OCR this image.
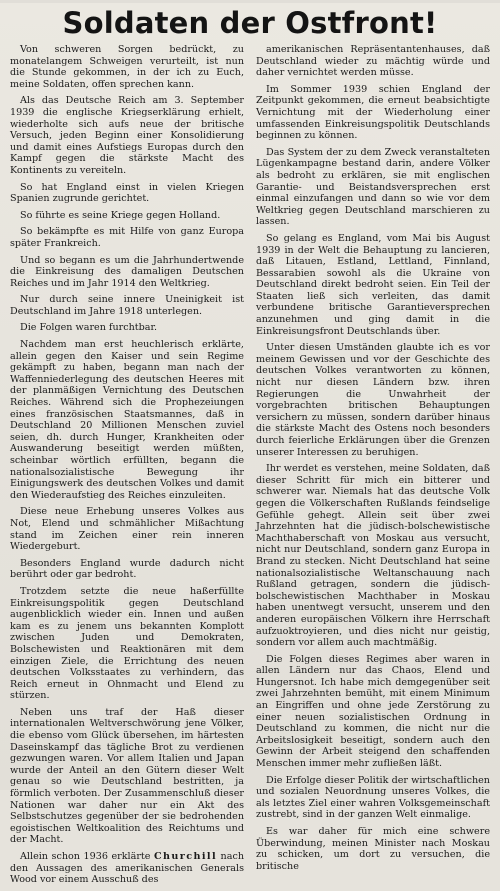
Soldaten der Ostfront!

Von schweren Sorgen bedrückt, zu monatelangem Schweigen verurteilt, ist nun die Stunde gekommen, in der ich zu Euch, meine Soldaten, offen sprechen kann.

Als das Deutsche Reich am 3. September 1939 die englische Kriegserklärung erhielt, wiederholte sich aufs neue der britische Versuch, jeden Beginn einer Konsolidierung und damit eines Aufstiegs Europas durch den Kampf gegen die stärkste Macht des Kontinents zu vereiteln.

So hat England einst in vielen Kriegen Spanien zugrunde gerichtet.

So führte es seine Kriege gegen Holland.

So bekämpfte es mit Hilfe von ganz Europa später Frankreich.

Und so begann es um die Jahrhundertwende die Einkreisung des damaligen Deutschen Reiches und im Jahr 1914 den Weltkrieg.

Nur durch seine innere Uneinigkeit ist Deutschland im Jahre 1918 unterlegen.

Die Folgen waren furchtbar.

Nachdem man erst heuchlerisch erklärte, allein gegen den Kaiser und sein Regime gekämpft zu haben, begann man nach der Waffenniederlegung des deutschen Heeres mit der planmäßigen Vernichtung des Deutschen Reiches. Während sich die Prophezeiungen eines französischen Staatsmannes, daß in Deutschland 20 Millionen Menschen zuviel seien, dh. durch Hunger, Krankheiten oder Auswanderung beseitigt werden müßten, scheinbar wörtlich erfüllten, begann die nationalsozialistische Bewegung ihr Einigungswerk des deutschen Volkes und damit den Wiederaufstieg des Reiches einzuleiten.

Diese neue Erhebung unseres Volkes aus Not, Elend und schmählicher Mißachtung stand im Zeichen einer rein inneren Wiedergeburt.

Besonders England wurde dadurch nicht berührt oder gar bedroht.

Trotzdem setzte die neue haßerfüllte Einkreisungspolitik gegen Deutschland augenblicklich wieder ein. Innen und außen kam es zu jenem uns bekannten Komplott zwischen Juden und Demokraten, Bolschewisten und Reaktionären mit dem einzigen Ziele, die Errichtung des neuen deutschen Volksstaates zu verhindern, das Reich erneut in Ohnmacht und Elend zu stürzen.

Neben uns traf der Haß dieser internationalen Weltverschwörung jene Völker, die ebenso vom Glück übersehen, im härtesten Daseinskampf das tägliche Brot zu verdienen gezwungen waren. Vor allem Italien und Japan wurde der Anteil an den Gütern dieser Welt genau so wie Deutschland bestritten, ja förmlich verboten. Der Zusammenschluß dieser Nationen war daher nur ein Akt des Selbstschutzes gegenüber der sie bedrohenden egoistischen Weltkoalition des Reichtums und der Macht.

Allein schon 1936 erklärte Churchill nach den Aussagen des amerikanischen Generals Wood vor einem Ausschuß des

amerikanischen Repräsentantenhauses, daß Deutschland wieder zu mächtig würde und daher vernichtet werden müsse.

Im Sommer 1939 schien England der Zeitpunkt gekommen, die erneut beabsichtigte Vernichtung mit der Wiederholung einer umfassenden Einkreisungspolitik Deutschlands beginnen zu können.

Das System der zu dem Zweck veranstalteten Lügenkampagne bestand darin, andere Völker als bedroht zu erklären, sie mit englischen Garantie- und Beistandsversprechen erst einmal einzufangen und dann so wie vor dem Weltkrieg gegen Deutschland marschieren zu lassen.

So gelang es England, vom Mai bis August 1939 in der Welt die Behauptung zu lancieren, daß Litauen, Estland, Lettland, Finnland, Bessarabien sowohl als die Ukraine von Deutschland direkt bedroht seien. Ein Teil der Staaten ließ sich verleiten, das damit verbundene britische Garantieversprechen anzunehmen und ging damit in die Einkreisungsfront Deutschlands über.

Unter diesen Umständen glaubte ich es vor meinem Gewissen und vor der Geschichte des deutschen Volkes verantworten zu können, nicht nur diesen Ländern bzw. ihren Regierungen die Unwahrheit der vorgebrachten britischen Behauptungen versichern zu müssen, sondern darüber hinaus die stärkste Macht des Ostens noch besonders durch feierliche Erklärungen über die Grenzen unserer Interessen zu beruhigen.

Ihr werdet es verstehen, meine Soldaten, daß dieser Schritt für mich ein bitterer und schwerer war. Niemals hat das deutsche Volk gegen die Völkerschaften Rußlands feindselige Gefühle gehegt. Allein seit über zwei Jahrzehnten hat die jüdisch-bolschewistische Machthaberschaft von Moskau aus versucht, nicht nur Deutschland, sondern ganz Europa in Brand zu stecken. Nicht Deutschland hat seine nationalsozialistische Weltanschauung nach Rußland getragen, sondern die jüdisch-bolschewistischen Machthaber in Moskau haben unentwegt versucht, unserem und den anderen europäischen Völkern ihre Herrschaft aufzuoktroyieren, und dies nicht nur geistig, sondern vor allem auch machtmäßig.

Die Folgen dieses Regimes aber waren in allen Ländern nur das Chaos, Elend und Hungersnot. Ich habe mich demgegenüber seit zwei Jahrzehnten bemüht, mit einem Minimum an Eingriffen und ohne jede Zerstörung zu einer neuen sozialistischen Ordnung in Deutschland zu kommen, die nicht nur die Arbeitslosigkeit beseitigt, sondern auch den Gewinn der Arbeit steigend den schaffenden Menschen immer mehr zufließen läßt.

Die Erfolge dieser Politik der wirtschaftlichen und sozialen Neuordnung unseres Volkes, die als letztes Ziel einer wahren Volksgemeinschaft zustrebt, sind in der ganzen Welt einmalige.

Es war daher für mich eine schwere Überwindung, meinen Minister nach Moskau zu schicken, um dort zu versuchen, die britische
